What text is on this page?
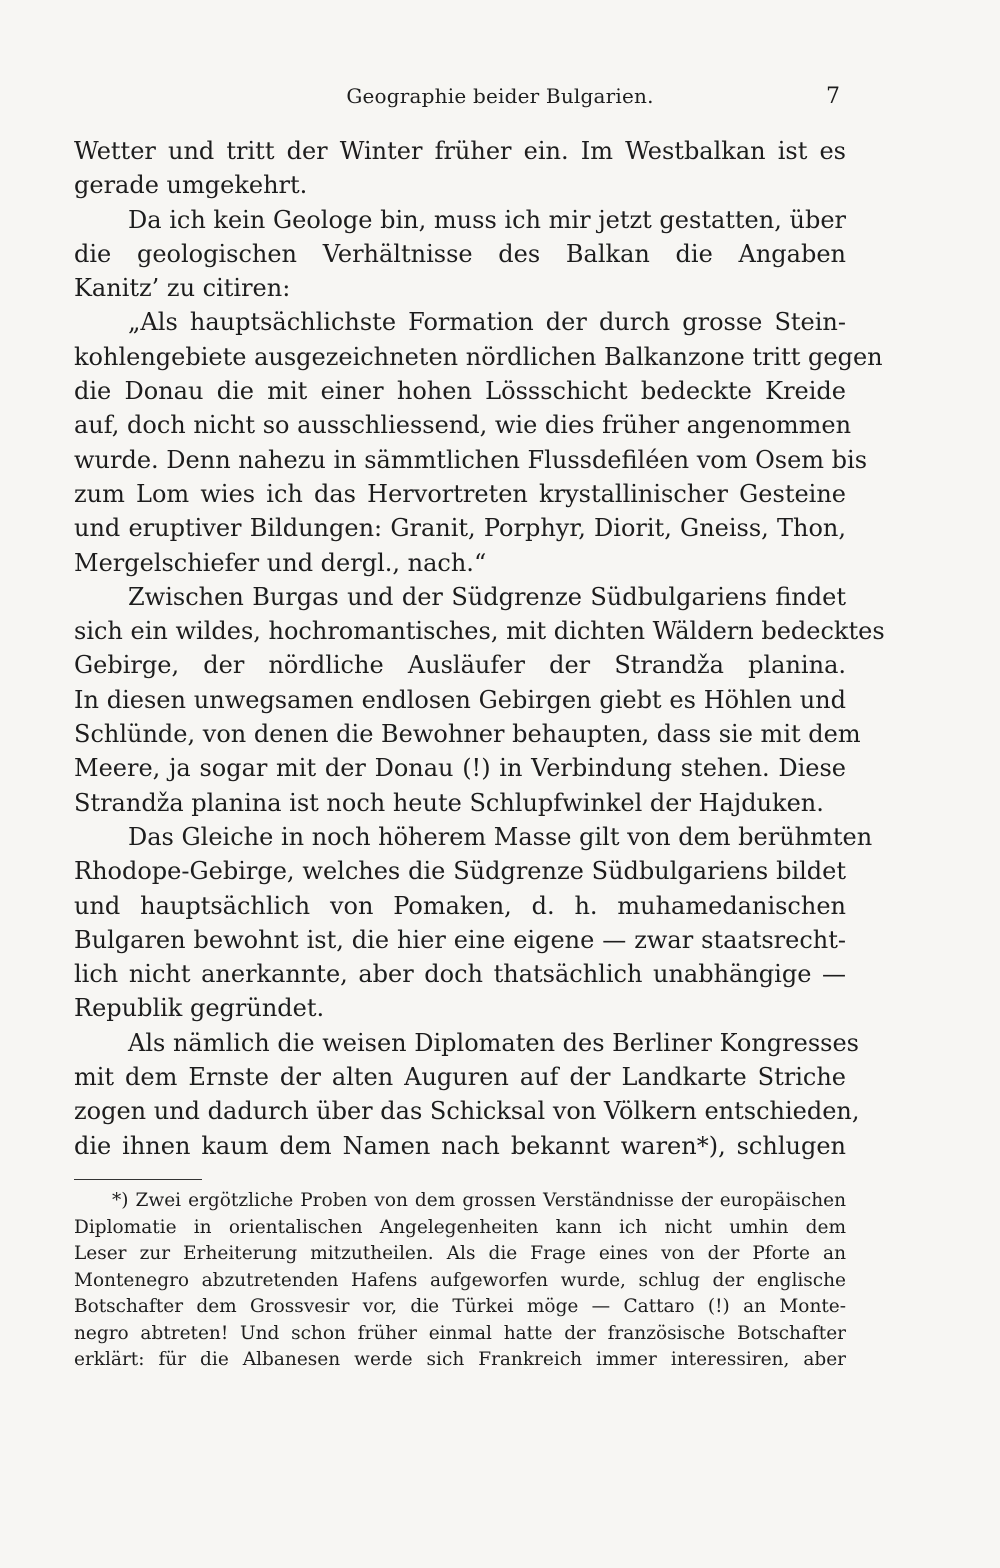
Geographie beider Bulgarien.	7
Wetter und tritt der Winter früher ein. Im Westbalkan ist es
gerade umgekehrt.
Da ich kein Geologe bin, muss ich mir jetzt gestatten, über
die geologischen Verhältnisse des Balkan die Angaben
Kanitz’ zu citiren:
„Als hauptsächlichste Formation der durch grosse Stein-
kohlengebiete ausgezeichneten nördlichen Balkanzone tritt gegen
die Donau die mit einer hohen Lössschicht bedeckte Kreide
auf, doch nicht so ausschliessend, wie dies früher angenommen
wurde. Denn nahezu in sämmtlichen Flussdefiléen vom Osem bis
zum Lom wies ich das Hervortreten krystallinischer Gesteine
und eruptiver Bildungen: Granit, Porphyr, Diorit, Gneiss, Thon,
Mergelschiefer und dergl., nach.“
Zwischen Burgas und der Südgrenze Südbulgariens findet
sich ein wildes, hochromantisches, mit dichten Wäldern bedecktes
Gebirge, der nördliche Ausläufer der Strandža planina.
In diesen unwegsamen endlosen Gebirgen giebt es Höhlen und
Schlünde, von denen die Bewohner behaupten, dass sie mit dem
Meere, ja sogar mit der Donau (!) in Verbindung stehen. Diese
Strandža planina ist noch heute Schlupfwinkel der Hajduken.
Das Gleiche in noch höherem Masse gilt von dem berühmten
Rhodope-Gebirge, welches die Südgrenze Südbulgariens bildet
und hauptsächlich von Pomaken, d. h. muhamedanischen
Bulgaren bewohnt ist, die hier eine eigene — zwar staatsrecht-
lich nicht anerkannte, aber doch thatsächlich unabhängige —
Republik gegründet.
Als nämlich die weisen Diplomaten des Berliner Kongresses
mit dem Ernste der alten Auguren auf der Landkarte Striche
zogen und dadurch über das Schicksal von Völkern entschieden,
die ihnen kaum dem Namen nach bekannt waren*), schlugen
*) Zwei ergötzliche Proben von dem grossen Verständnisse der europäischen
Diplomatie in orientalischen Angelegenheiten kann ich nicht umhin dem
Leser zur Erheiterung mitzutheilen. Als die Frage eines von der Pforte an
Montenegro abzutretenden Hafens aufgeworfen wurde, schlug der englische
Botschafter dem Grossvesir vor, die Türkei möge — Cattaro (!) an Monte-
negro abtreten! Und schon früher einmal hatte der französische Botschafter
erklärt: für die Albanesen werde sich Frankreich immer interessiren, aber
